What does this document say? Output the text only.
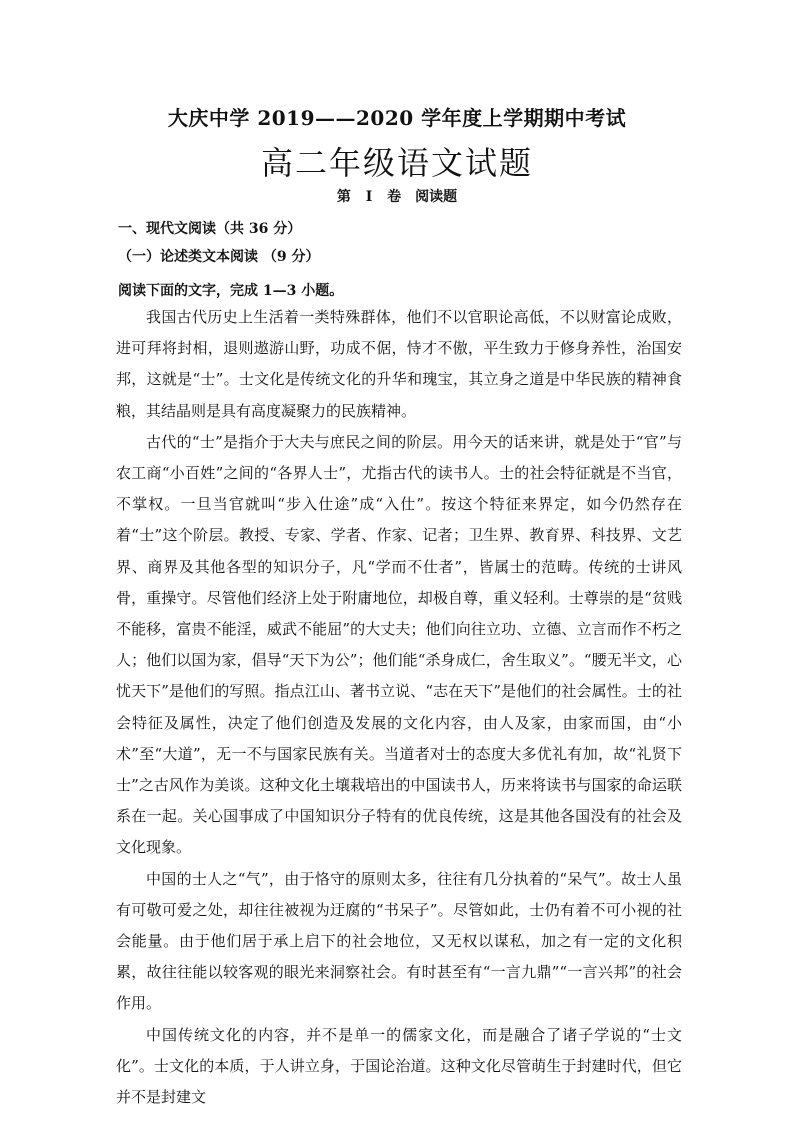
大庆中学 2019——2020 学年度上学期期中考试
高二年级语文试题
第 I 卷　阅读题
一、现代文阅读（共 36 分）
（一）论述类文本阅读 （9 分）
阅读下面的文字，完成 1—3 小题。

我国古代历史上生活着一类特殊群体，他们不以官职论高低，不以财富论成败，进可拜将封相，退则遨游山野，功成不倨，恃才不傲，平生致力于修身养性，治国安邦，这就是“士”。士文化是传统文化的升华和瑰宝，其立身之道是中华民族的精神食粮，其结晶则是具有高度凝聚力的民族精神。

古代的“士”是指介于大夫与庶民之间的阶层。用今天的话来讲，就是处于“官”与农工商“小百姓”之间的“各界人士”，尤指古代的读书人。士的社会特征就是不当官，不掌权。一旦当官就叫“步入仕途”成“入仕”。按这个特征来界定，如今仍然存在着“士”这个阶层。教授、专家、学者、作家、记者；卫生界、教育界、科技界、文艺界、商界及其他各型的知识分子，凡“学而不仕者”，皆属士的范畴。传统的士讲风骨，重操守。尽管他们经济上处于附庸地位，却极自尊，重义轻利。士尊崇的是“贫贱不能移，富贵不能淫，威武不能屈”的大丈夫；他们向往立功、立德、立言而作不朽之人；他们以国为家，倡导“天下为公”；他们能“杀身成仁，舍生取义”。“腰无半文，心忧天下”是他们的写照。指点江山、著书立说、“志在天下”是他们的社会属性。士的社会特征及属性，决定了他们创造及发展的文化内容，由人及家，由家而国，由“小术”至“大道”，无一不与国家民族有关。当道者对士的态度大多优礼有加，故“礼贤下士”之古风作为美谈。这种文化土壤栽培出的中国读书人，历来将读书与国家的命运联系在一起。关心国事成了中国知识分子特有的优良传统，这是其他各国没有的社会及文化现象。

中国的士人之“气”，由于恪守的原则太多，往往有几分执着的“呆气”。故士人虽有可敬可爱之处，却往往被视为迂腐的“书呆子”。尽管如此，士仍有着不可小视的社会能量。由于他们居于承上启下的社会地位，又无权以谋私，加之有一定的文化积累，故往往能以较客观的眼光来洞察社会。有时甚至有“一言九鼎”“一言兴邦”的社会作用。

中国传统文化的内容，并不是单一的儒家文化，而是融合了诸子学说的“士文化”。士文化的本质，于人讲立身，于国论治道。这种文化尽管萌生于封建时代，但它并不是封建文
